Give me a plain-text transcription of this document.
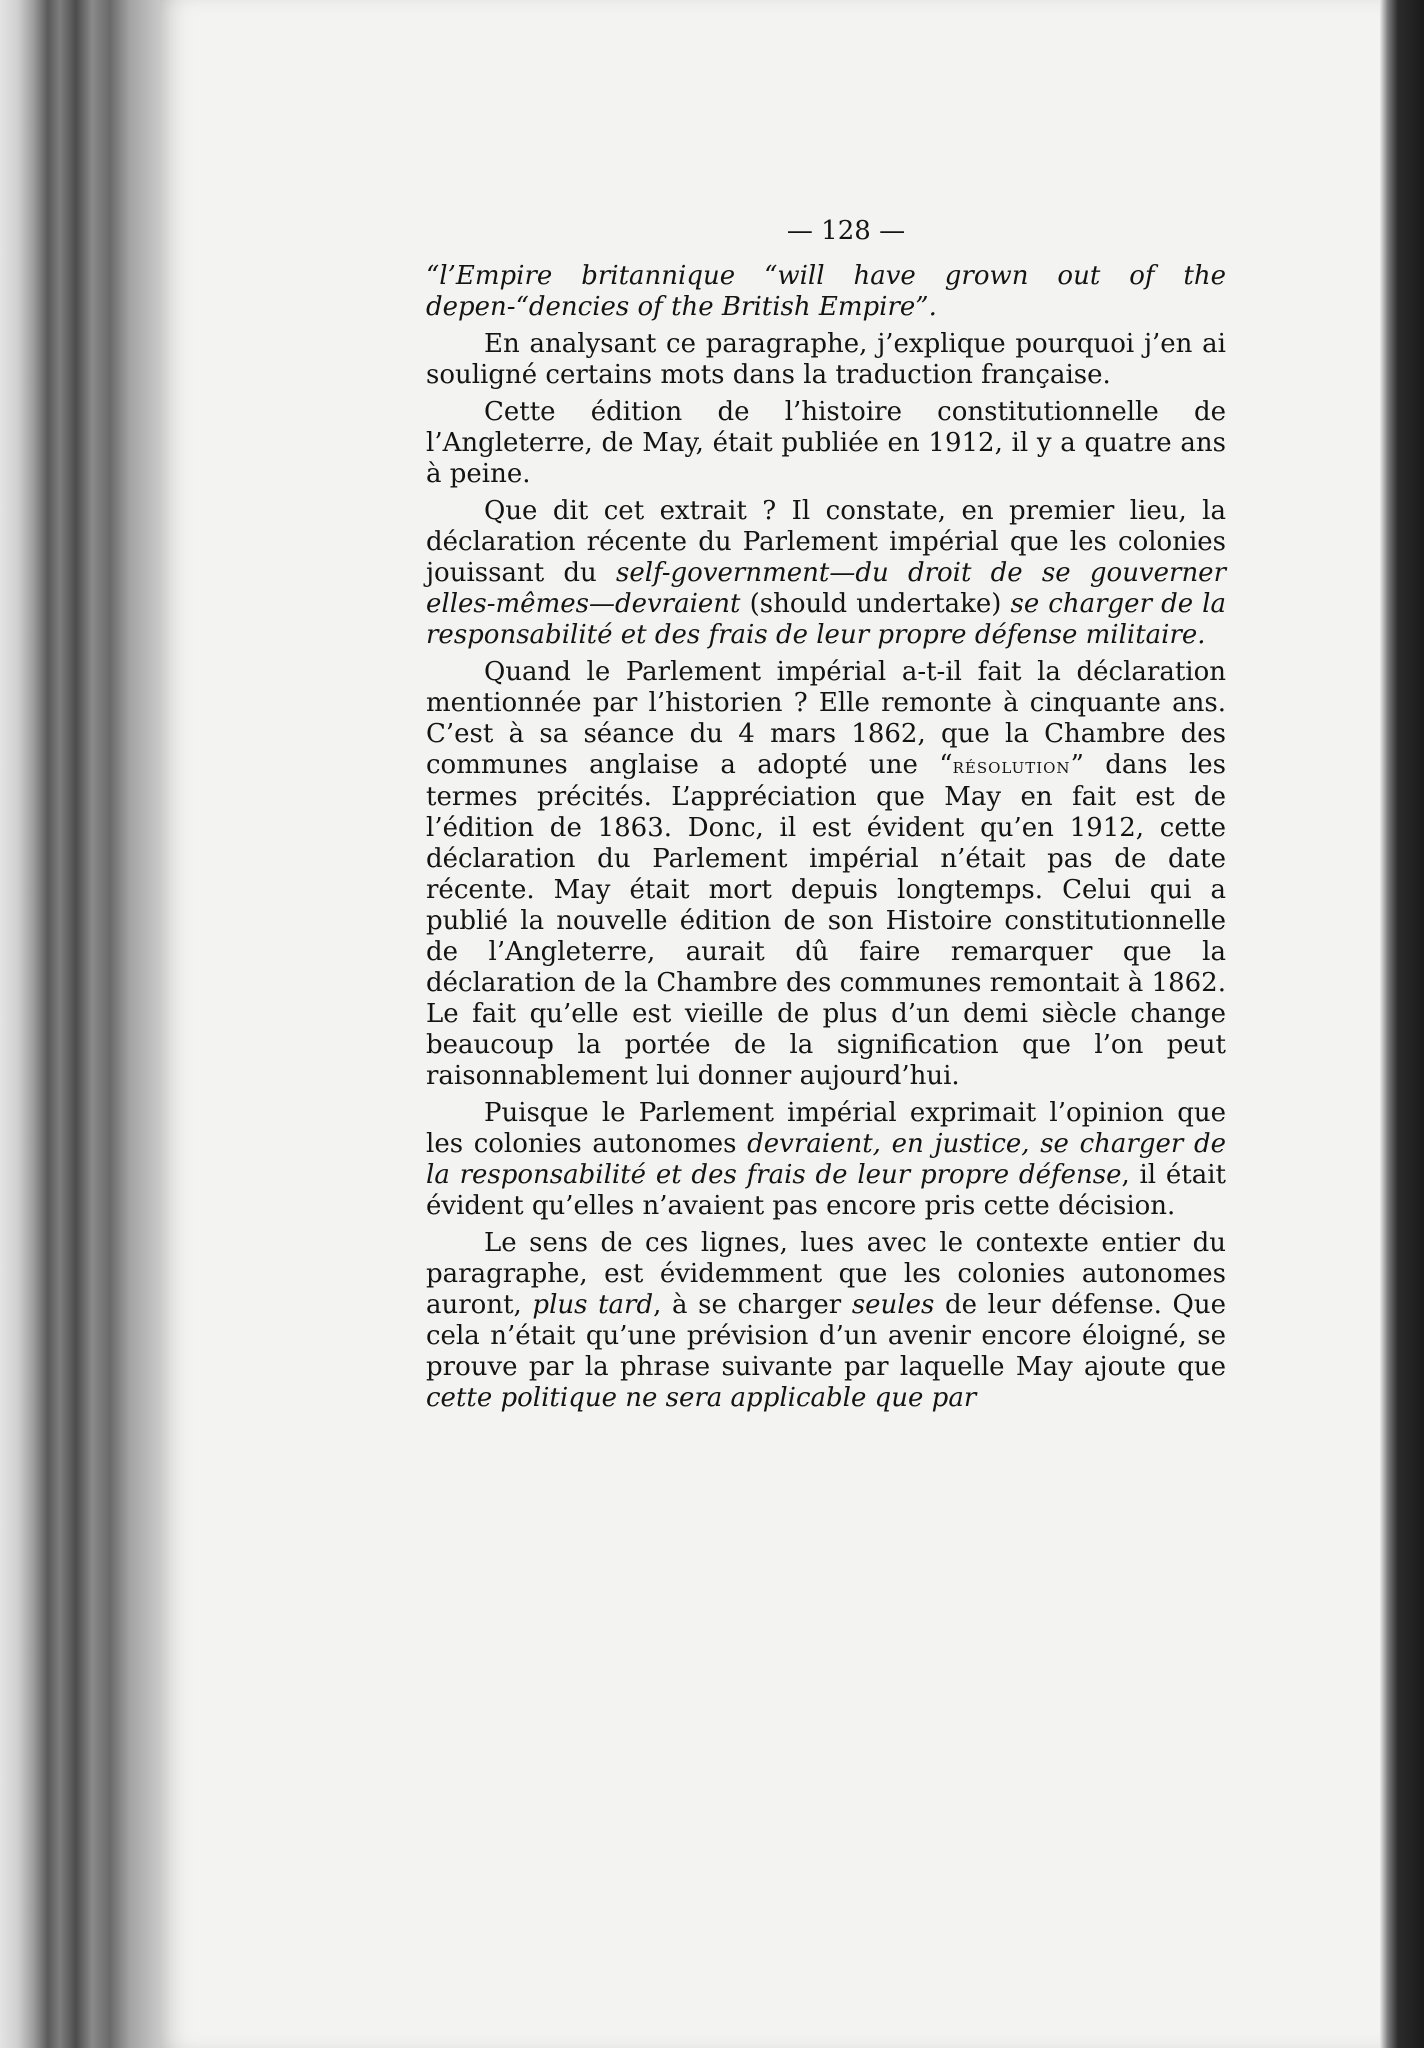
— 128 —

“l’Empire britannique “will have grown out of the depen-“dencies of the British Empire”.

En analysant ce paragraphe, j’explique pourquoi j’en ai souligné certains mots dans la traduction française.

Cette édition de l’histoire constitutionnelle de l’Angleterre, de May, était publiée en 1912, il y a quatre ans à peine.

Que dit cet extrait ? Il constate, en premier lieu, la déclaration récente du Parlement impérial que les colonies jouissant du self-government—du droit de se gouverner elles-mêmes—devraient (should undertake) se charger de la responsabilité et des frais de leur propre défense militaire.

Quand le Parlement impérial a-t-il fait la déclaration mentionnée par l’historien ? Elle remonte à cinquante ans. C’est à sa séance du 4 mars 1862, que la Chambre des communes anglaise a adopté une “résolution” dans les termes précités. L’appréciation que May en fait est de l’édition de 1863. Donc, il est évident qu’en 1912, cette déclaration du Parlement impérial n’était pas de date récente. May était mort depuis longtemps. Celui qui a publié la nouvelle édition de son Histoire constitutionnelle de l’Angleterre, aurait dû faire remarquer que la déclaration de la Chambre des communes remontait à 1862. Le fait qu’elle est vieille de plus d’un demi siècle change beaucoup la portée de la signification que l’on peut raisonnablement lui donner aujourd’hui.

Puisque le Parlement impérial exprimait l’opinion que les colonies autonomes devraient, en justice, se charger de la responsabilité et des frais de leur propre défense, il était évident qu’elles n’avaient pas encore pris cette décision.

Le sens de ces lignes, lues avec le contexte entier du paragraphe, est évidemment que les colonies autonomes auront, plus tard, à se charger seules de leur défense. Que cela n’était qu’une prévision d’un avenir encore éloigné, se prouve par la phrase suivante par laquelle May ajoute que cette politique ne sera applicable que par
